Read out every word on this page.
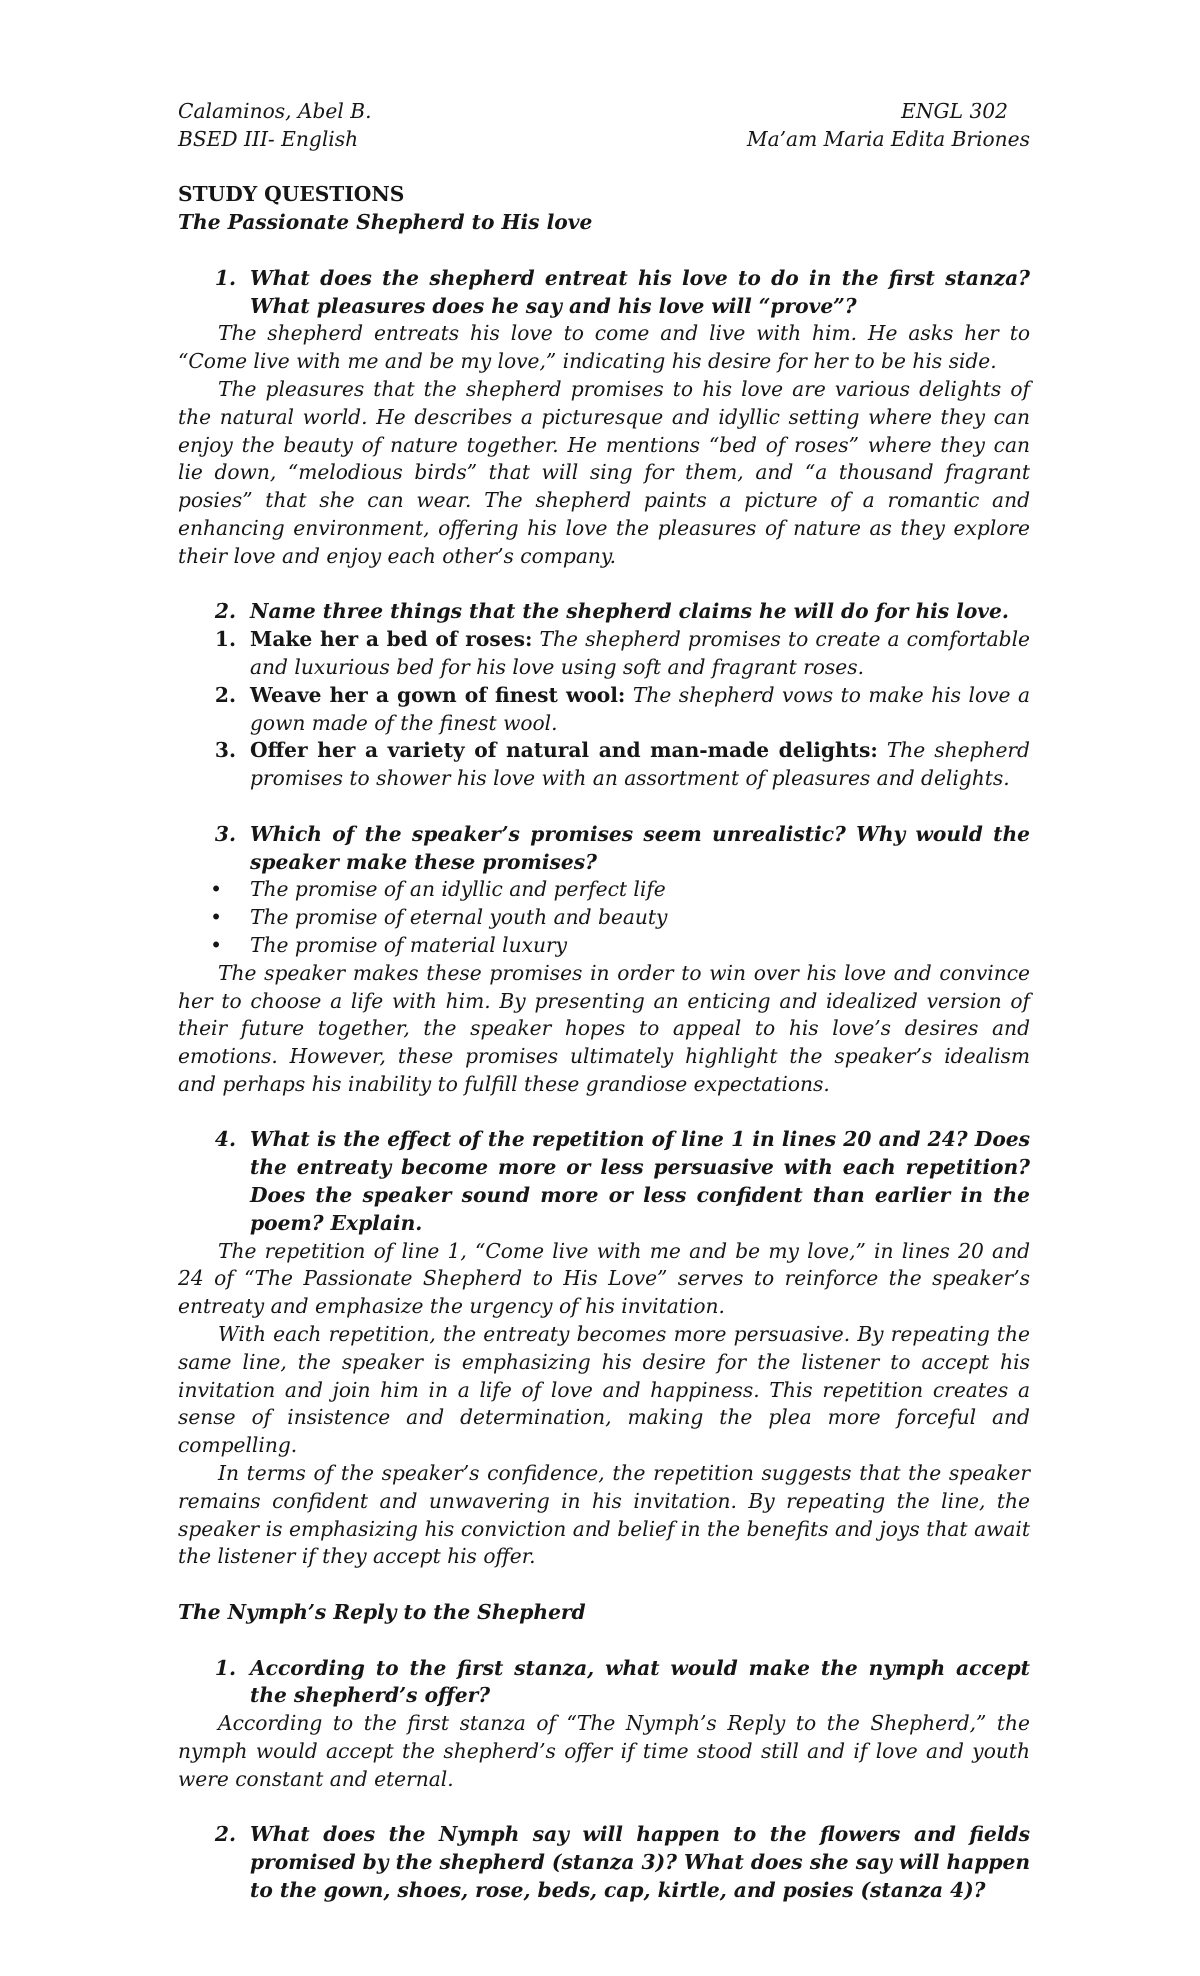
Calaminos, Abel B.	ENGL 302
BSED III- English	Ma’am Maria Edita Briones
STUDY QUESTIONS
The Passionate Shepherd to His love
1. What does the shepherd entreat his love to do in the first stanza? What pleasures does he say and his love will “prove”?

The shepherd entreats his love to come and live with him. He asks her to “Come live with me and be my love,” indicating his desire for her to be his side.

The pleasures that the shepherd promises to his love are various delights of the natural world. He describes a picturesque and idyllic setting where they can enjoy the beauty of nature together. He mentions “bed of roses” where they can lie down, “melodious birds” that will sing for them, and “a thousand fragrant posies” that she can wear. The shepherd paints a picture of a romantic and enhancing environment, offering his love the pleasures of nature as they explore their love and enjoy each other’s company.

2. Name three things that the shepherd claims he will do for his love.
1. Make her a bed of roses: The shepherd promises to create a comfortable and luxurious bed for his love using soft and fragrant roses.
2. Weave her a gown of finest wool: The shepherd vows to make his love a gown made of the finest wool.
3. Offer her a variety of natural and man-made delights: The shepherd promises to shower his love with an assortment of pleasures and delights.
3. Which of the speaker’s promises seem unrealistic? Why would the speaker make these promises?
•	The promise of an idyllic and perfect life
•	The promise of eternal youth and beauty
•	The promise of material luxury

The speaker makes these promises in order to win over his love and convince her to choose a life with him. By presenting an enticing and idealized version of their future together, the speaker hopes to appeal to his love’s desires and emotions. However, these promises ultimately highlight the speaker’s idealism and perhaps his inability to fulfill these grandiose expectations.

4. What is the effect of the repetition of line 1 in lines 20 and 24? Does the entreaty become more or less persuasive with each repetition? Does the speaker sound more or less confident than earlier in the poem? Explain.

The repetition of line 1, “Come live with me and be my love,” in lines 20 and 24 of “The Passionate Shepherd to His Love” serves to reinforce the speaker’s entreaty and emphasize the urgency of his invitation.

With each repetition, the entreaty becomes more persuasive. By repeating the same line, the speaker is emphasizing his desire for the listener to accept his invitation and join him in a life of love and happiness. This repetition creates a sense of insistence and determination, making the plea more forceful and compelling.

In terms of the speaker’s confidence, the repetition suggests that the speaker remains confident and unwavering in his invitation. By repeating the line, the speaker is emphasizing his conviction and belief in the benefits and joys that await the listener if they accept his offer.

The Nymph’s Reply to the Shepherd
1. According to the first stanza, what would make the nymph accept the shepherd’s offer?

According to the first stanza of “The Nymph’s Reply to the Shepherd,” the nymph would accept the shepherd’s offer if time stood still and if love and youth were constant and eternal.

2. What does the Nymph say will happen to the flowers and fields promised by the shepherd (stanza 3)? What does she say will happen to the gown, shoes, rose, beds, cap, kirtle, and posies (stanza 4)?
